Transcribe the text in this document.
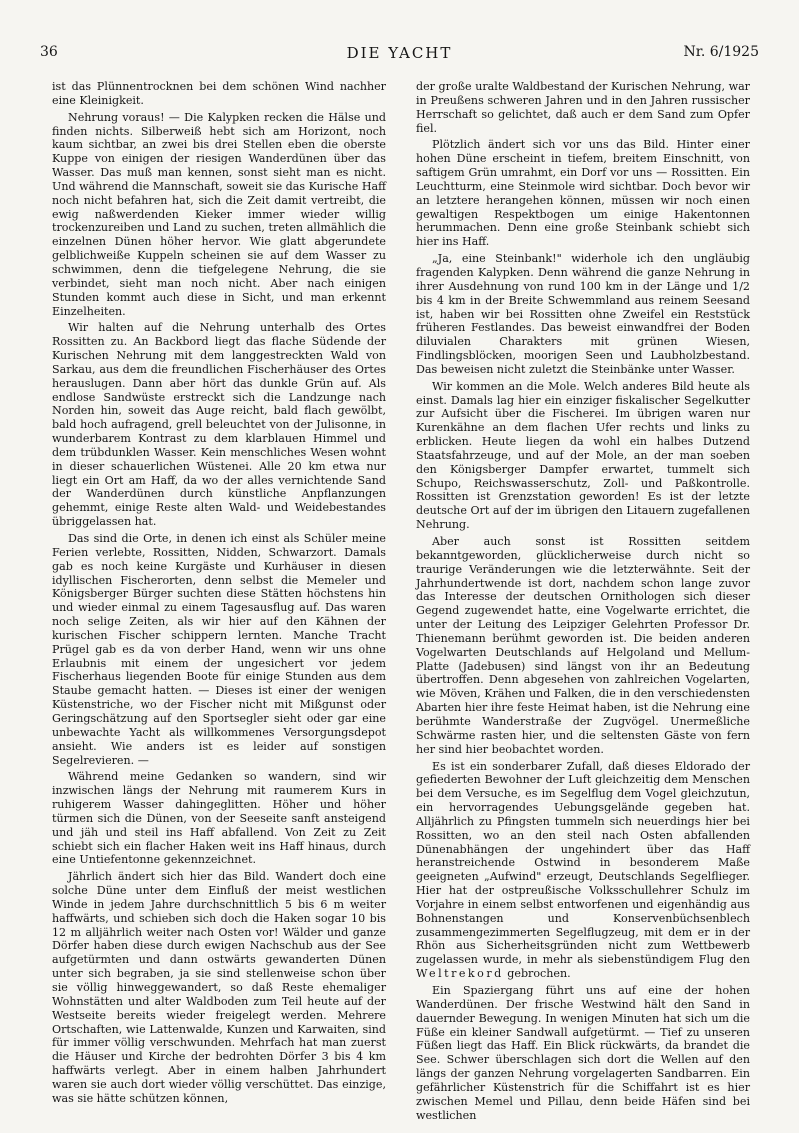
36	DIE YACHT	Nr. 6/1925

ist das Plünnentrocknen bei dem schönen Wind nachher eine Kleinigkeit.

Nehrung voraus! — Die Kalypken recken die Hälse und finden nichts. Silberweiß hebt sich am Horizont, noch kaum sichtbar, an zwei bis drei Stellen eben die oberste Kuppe von einigen der riesigen Wanderdünen über das Wasser. Das muß man kennen, sonst sieht man es nicht. Und während die Mannschaft, soweit sie das Kurische Haff noch nicht befahren hat, sich die Zeit damit vertreibt, die ewig naßwerdenden Kieker immer wieder willig trockenzureiben und Land zu suchen, treten allmählich die einzelnen Dünen höher hervor. Wie glatt abgerundete gelblichweiße Kuppeln scheinen sie auf dem Wasser zu schwimmen, denn die tiefgelegene Nehrung, die sie verbindet, sieht man noch nicht. Aber nach einigen Stunden kommt auch diese in Sicht, und man erkennt Einzelheiten.

Wir halten auf die Nehrung unterhalb des Ortes Rossitten zu. An Backbord liegt das flache Südende der Kurischen Nehrung mit dem langgestreckten Wald von Sarkau, aus dem die freundlichen Fischerhäuser des Ortes herauslugen. Dann aber hört das dunkle Grün auf. Als endlose Sandwüste erstreckt sich die Landzunge nach Norden hin, soweit das Auge reicht, bald flach gewölbt, bald hoch aufragend, grell beleuchtet von der Julisonne, in wunderbarem Kontrast zu dem klarblauen Himmel und dem trübdunklen Wasser. Kein menschliches Wesen wohnt in dieser schauerlichen Wüstenei. Alle 20 km etwa nur liegt ein Ort am Haff, da wo der alles vernichtende Sand der Wanderdünen durch künstliche Anpflanzungen gehemmt, einige Reste alten Wald- und Weidebestandes übriggelassen hat.

Das sind die Orte, in denen ich einst als Schüler meine Ferien verlebte, Rossitten, Nidden, Schwarzort. Damals gab es noch keine Kurgäste und Kurhäuser in diesen idyllischen Fischerorten, denn selbst die Memeler und Königsberger Bürger suchten diese Stätten höchstens hin und wieder einmal zu einem Tagesausflug auf. Das waren noch selige Zeiten, als wir hier auf den Kähnen der kurischen Fischer schippern lernten. Manche Tracht Prügel gab es da von derber Hand, wenn wir uns ohne Erlaubnis mit einem der ungesichert vor jedem Fischerhaus liegenden Boote für einige Stunden aus dem Staube gemacht hatten. — Dieses ist einer der wenigen Küstenstriche, wo der Fischer nicht mit Mißgunst oder Geringschätzung auf den Sportsegler sieht oder gar eine unbewachte Yacht als willkommenes Versorgungsdepot ansieht. Wie anders ist es leider auf sonstigen Segelrevieren. —

Während meine Gedanken so wandern, sind wir inzwischen längs der Nehrung mit raumerem Kurs in ruhigerem Wasser dahingeglitten. Höher und höher türmen sich die Dünen, von der Seeseite sanft ansteigend und jäh und steil ins Haff abfallend. Von Zeit zu Zeit schiebt sich ein flacher Haken weit ins Haff hinaus, durch eine Untiefentonne gekennzeichnet.

Jährlich ändert sich hier das Bild. Wandert doch eine solche Düne unter dem Einfluß der meist westlichen Winde in jedem Jahre durchschnittlich 5 bis 6 m weiter haffwärts, und schieben sich doch die Haken sogar 10 bis 12 m alljährlich weiter nach Osten vor! Wälder und ganze Dörfer haben diese durch ewigen Nachschub aus der See aufgetürmten und dann ostwärts gewanderten Dünen unter sich begraben, ja sie sind stellenweise schon über sie völlig hinweggewandert, so daß Reste ehemaliger Wohnstätten und alter Waldboden zum Teil heute auf der Westseite bereits wieder freigelegt werden. Mehrere Ortschaften, wie Lattenwalde, Kunzen und Karwaiten, sind für immer völlig verschwunden. Mehrfach hat man zuerst die Häuser und Kirche der bedrohten Dörfer 3 bis 4 km haffwärts verlegt. Aber in einem halben Jahrhundert waren sie auch dort wieder völlig verschüttet. Das einzige, was sie hätte schützen können,

der große uralte Waldbestand der Kurischen Nehrung, war in Preußens schweren Jahren und in den Jahren russischer Herrschaft so gelichtet, daß auch er dem Sand zum Opfer fiel.

Plötzlich ändert sich vor uns das Bild. Hinter einer hohen Düne erscheint in tiefem, breitem Einschnitt, von saftigem Grün umrahmt, ein Dorf vor uns — Rossitten. Ein Leuchtturm, eine Steinmole wird sichtbar. Doch bevor wir an letztere herangehen können, müssen wir noch einen gewaltigen Respektbogen um einige Hakentonnen herummachen. Denn eine große Steinbank schiebt sich hier ins Haff.

„Ja, eine Steinbank!" widerhole ich den ungläubig fragenden Kalypken. Denn während die ganze Nehrung in ihrer Ausdehnung von rund 100 km in der Länge und 1/2 bis 4 km in der Breite Schwemmland aus reinem Seesand ist, haben wir bei Rossitten ohne Zweifel ein Reststück früheren Festlandes. Das beweist einwandfrei der Boden diluvialen Charakters mit grünen Wiesen, Findlingsblöcken, moorigen Seen und Laubholzbestand. Das beweisen nicht zuletzt die Steinbänke unter Wasser.

Wir kommen an die Mole. Welch anderes Bild heute als einst. Damals lag hier ein einziger fiskalischer Segelkutter zur Aufsicht über die Fischerei. Im übrigen waren nur Kurenkähne an dem flachen Ufer rechts und links zu erblicken. Heute liegen da wohl ein halbes Dutzend Staatsfahrzeuge, und auf der Mole, an der man soeben den Königsberger Dampfer erwartet, tummelt sich Schupo, Reichswasserschutz, Zoll- und Paßkontrolle. Rossitten ist Grenzstation geworden! Es ist der letzte deutsche Ort auf der im übrigen den Litauern zugefallenen Nehrung.

Aber auch sonst ist Rossitten seitdem bekanntgeworden, glücklicherweise durch nicht so traurige Veränderungen wie die letzterwähnte. Seit der Jahrhundertwende ist dort, nachdem schon lange zuvor das Interesse der deutschen Ornithologen sich dieser Gegend zugewendet hatte, eine Vogelwarte errichtet, die unter der Leitung des Leipziger Gelehrten Professor Dr. Thienemann berühmt geworden ist. Die beiden anderen Vogelwarten Deutschlands auf Helgoland und Mellum-Platte (Jadebusen) sind längst von ihr an Bedeutung übertroffen. Denn abgesehen von zahlreichen Vogelarten, wie Möven, Krähen und Falken, die in den verschiedensten Abarten hier ihre feste Heimat haben, ist die Nehrung eine berühmte Wanderstraße der Zugvögel. Unermeßliche Schwärme rasten hier, und die seltensten Gäste von fern her sind hier beobachtet worden.

Es ist ein sonderbarer Zufall, daß dieses Eldorado der gefiederten Bewohner der Luft gleichzeitig dem Menschen bei dem Versuche, es im Segelflug dem Vogel gleichzutun, ein hervorragendes Uebungsgelände gegeben hat. Alljährlich zu Pfingsten tummeln sich neuerdings hier bei Rossitten, wo an den steil nach Osten abfallenden Dünenabhängen der ungehindert über das Haff heranstreichende Ostwind in besonderem Maße geeigneten „Aufwind" erzeugt, Deutschlands Segelflieger. Hier hat der ostpreußische Volksschullehrer Schulz im Vorjahre in einem selbst entworfenen und eigenhändig aus Bohnenstangen und Konservenbüchsenblech zusammengezimmerten Segelflugzeug, mit dem er in der Rhön aus Sicherheitsgründen nicht zum Wettbewerb zugelassen wurde, in mehr als siebenstündigem Flug den Weltrekord gebrochen.

Ein Spaziergang führt uns auf eine der hohen Wanderdünen. Der frische Westwind hält den Sand in dauernder Bewegung. In wenigen Minuten hat sich um die Füße ein kleiner Sandwall aufgetürmt. — Tief zu unseren Füßen liegt das Haff. Ein Blick rückwärts, da brandet die See. Schwer überschlagen sich dort die Wellen auf den längs der ganzen Nehrung vorgelagerten Sandbarren. Ein gefährlicher Küstenstrich für die Schiffahrt ist es hier zwischen Memel und Pillau, denn beide Häfen sind bei westlichen
